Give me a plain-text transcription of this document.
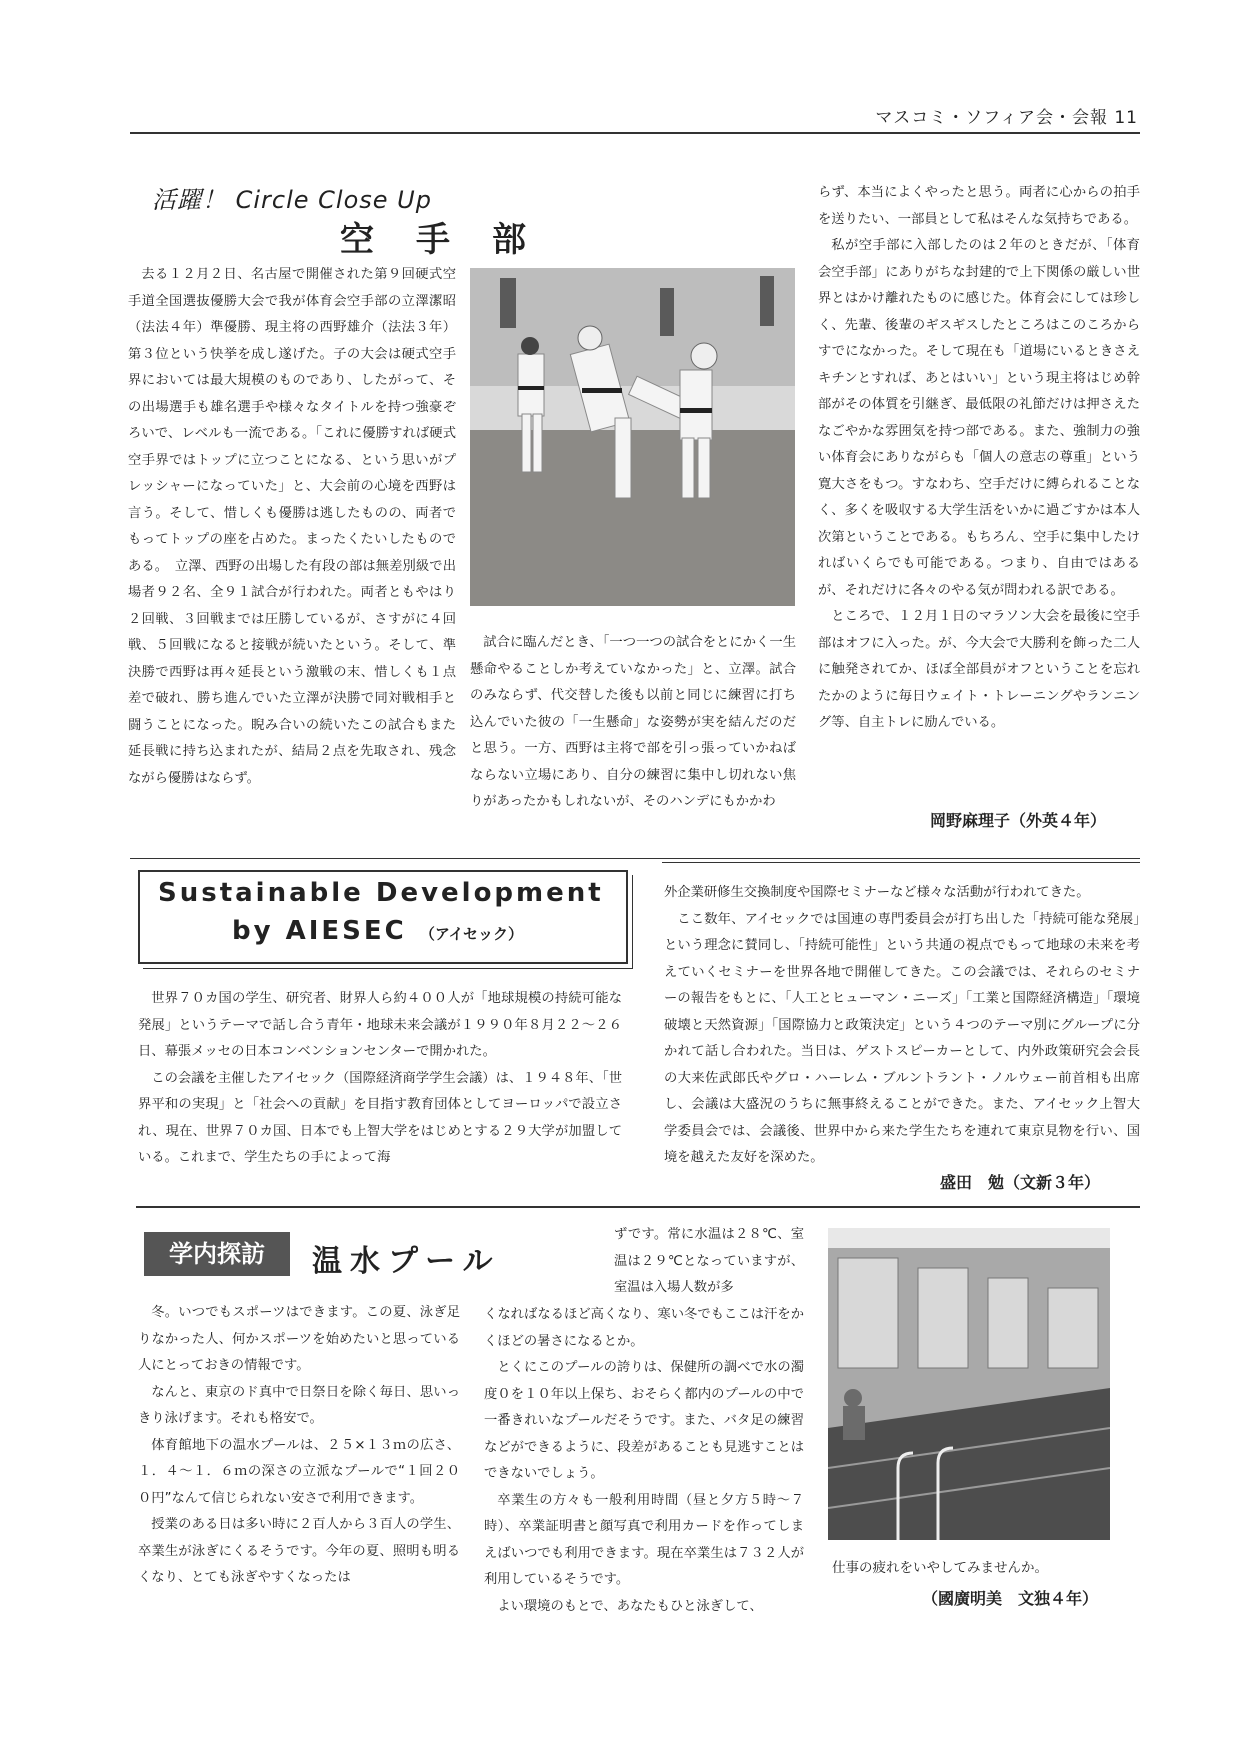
マスコミ・ソフィア会・会報 11
活躍！ Circle Close Up
空　手　部

去る１２月２日、名古屋で開催された第９回硬式空手道全国選抜優勝大会で我が体育会空手部の立澤潔昭（法法４年）準優勝、現主将の西野雄介（法法３年）第３位という快挙を成し遂げた。子の大会は硬式空手界においては最大規模のものであり、したがって、その出場選手も雄名選手や様々なタイトルを持つ強豪ぞろいで、レベルも一流である。「これに優勝すれば硬式空手界ではトップに立つことになる、という思いがプレッシャーになっていた」と、大会前の心境を西野は言う。そして、惜しくも優勝は逃したものの、両者でもってトップの座を占めた。まったくたいしたものである。　立澤、西野の出場した有段の部は無差別級で出場者９２名、全９１試合が行われた。両者ともやはり２回戦、３回戦までは圧勝しているが、さすがに４回戦、５回戦になると接戦が続いたという。そして、準決勝で西野は再々延長という激戦の末、惜しくも１点差で破れ、勝ち進んでいた立澤が決勝で同対戦相手と闘うことになった。睨み合いの続いたこの試合もまた延長戦に持ち込まれたが、結局２点を先取され、残念ながら優勝はならず。

試合に臨んだとき、「一つ一つの試合をとにかく一生懸命やることしか考えていなかった」と、立澤。試合のみならず、代交替した後も以前と同じに練習に打ち込んでいた彼の「一生懸命」な姿勢が実を結んだのだと思う。一方、西野は主将で部を引っ張っていかねばならない立場にあり、自分の練習に集中し切れない焦りがあったかもしれないが、そのハンデにもかかわ

らず、本当によくやったと思う。両者に心からの拍手を送りたい、一部員として私はそんな気持ちである。

私が空手部に入部したのは２年のときだが、「体育会空手部」にありがちな封建的で上下関係の厳しい世界とはかけ離れたものに感じた。体育会にしては珍しく、先輩、後輩のギスギスしたところはこのころからすでになかった。そして現在も「道場にいるときさえキチンとすれば、あとはいい」という現主将はじめ幹部がその体質を引継ぎ、最低限の礼節だけは押さえたなごやかな雰囲気を持つ部である。また、強制力の強い体育会にありながらも「個人の意志の尊重」という寛大さをもつ。すなわち、空手だけに縛られることなく、多くを吸収する大学生活をいかに過ごすかは本人次第ということである。もちろん、空手に集中したければいくらでも可能である。つまり、自由ではあるが、それだけに各々のやる気が問われる訳である。

ところで、１２月１日のマラソン大会を最後に空手部はオフに入った。が、今大会で大勝利を飾った二人に触発されてか、ほぼ全部員がオフということを忘れたかのように毎日ウェイト・トレーニングやランニング等、自主トレに励んでいる。

岡野麻理子（外英４年）
Sustainable Development
by AIESEC （アイセック）

世界７０カ国の学生、研究者、財界人ら約４００人が「地球規模の持続可能な発展」というテーマで話し合う青年・地球未来会議が１９９０年８月２２〜２６日、幕張メッセの日本コンベンションセンターで開かれた。

この会議を主催したアイセック（国際経済商学学生会議）は、１９４８年、「世界平和の実現」と「社会への貢献」を目指す教育団体としてヨーロッパで設立され、現在、世界７０カ国、日本でも上智大学をはじめとする２９大学が加盟している。これまで、学生たちの手によって海

外企業研修生交換制度や国際セミナーなど様々な活動が行われてきた。

ここ数年、アイセックでは国連の専門委員会が打ち出した「持続可能な発展」という理念に賛同し、「持続可能性」という共通の視点でもって地球の未来を考えていくセミナーを世界各地で開催してきた。この会議では、それらのセミナーの報告をもとに、「人工とヒューマン・ニーズ」「工業と国際経済構造」「環境破壊と天然資源」「国際協力と政策決定」という４つのテーマ別にグループに分かれて話し合われた。当日は、ゲストスピーカーとして、内外政策研究会会長の大来佐武郎氏やグロ・ハーレム・ブルントラント・ノルウェー前首相も出席し、会議は大盛況のうちに無事終えることができた。また、アイセック上智大学委員会では、会議後、世界中から来た学生たちを連れて東京見物を行い、国境を越えた友好を深めた。

盛田　勉（文新３年）
学内探訪	温水プール

ずです。常に水温は２８℃、室温は２９℃となっていますが、室温は入場人数が多

冬。いつでもスポーツはできます。この夏、泳ぎ足りなかった人、何かスポーツを始めたいと思っている人にとっておきの情報です。

なんと、東京のド真中で日祭日を除く毎日、思いっきり泳げます。それも格安で。

体育館地下の温水プールは、２５×１３ｍの広さ、１．４〜１．６ｍの深さの立派なプールで“１回２００円”なんて信じられない安さで利用できます。

授業のある日は多い時に２百人から３百人の学生、卒業生が泳ぎにくるそうです。今年の夏、照明も明るくなり、とても泳ぎやすくなったは

くなればなるほど高くなり、寒い冬でもここは汗をかくほどの暑さになるとか。

とくにこのプールの誇りは、保健所の調べで水の濁度０を１０年以上保ち、おそらく都内のプールの中で一番きれいなプールだそうです。また、バタ足の練習などができるように、段差があることも見逃すことはできないでしょう。

卒業生の方々も一般利用時間（昼と夕方５時〜７時）、卒業証明書と顔写真で利用カードを作ってしまえばいつでも利用できます。現在卒業生は７３２人が利用しているそうです。

よい環境のもとで、あなたもひと泳ぎして、

仕事の疲れをいやしてみませんか。
（國廣明美　文独４年）
